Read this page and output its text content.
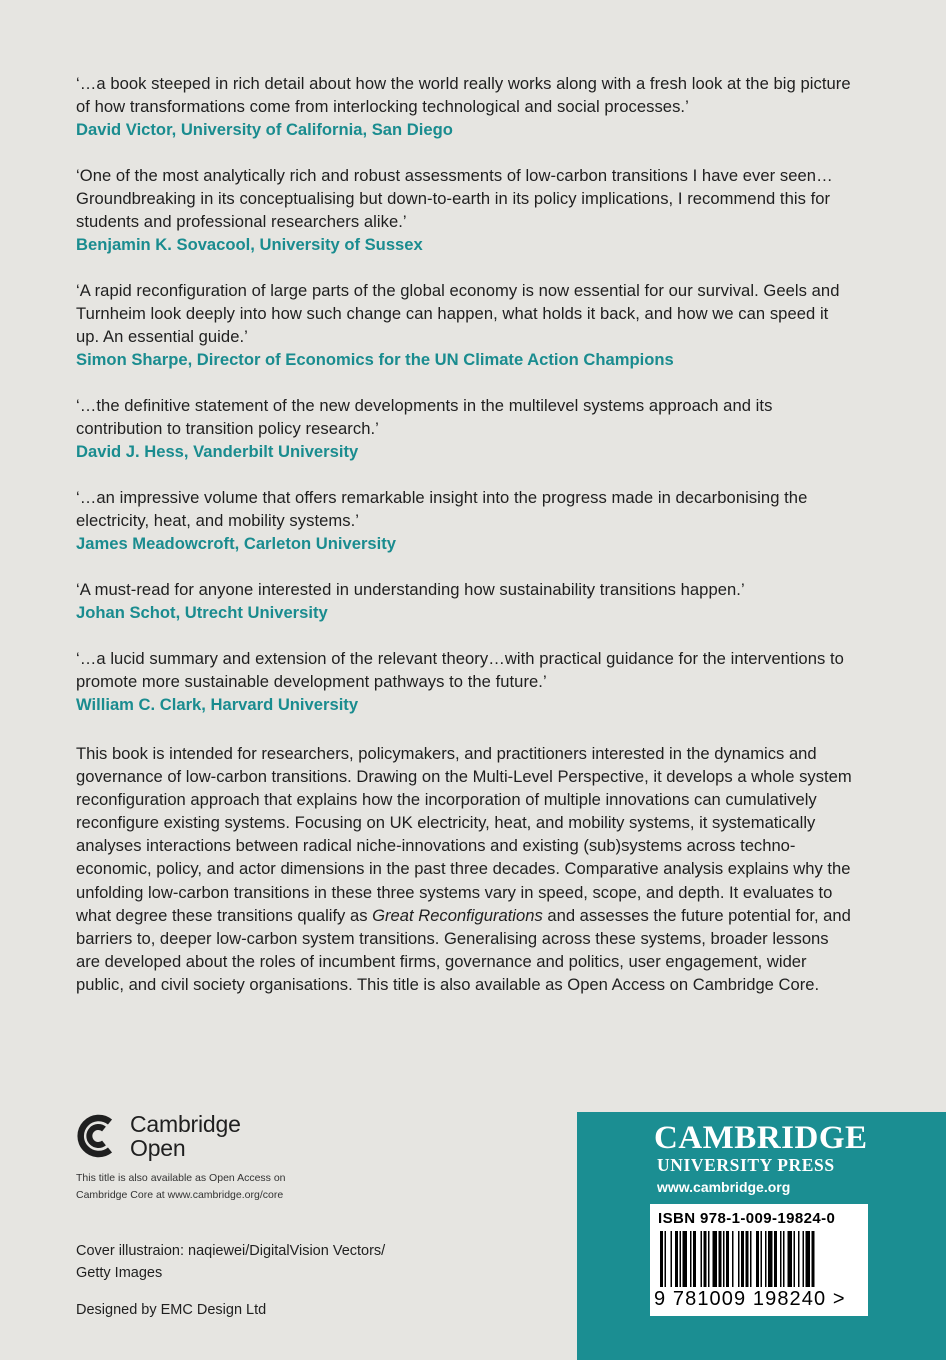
‘…a book steeped in rich detail about how the world really works along with a fresh look at the big picture of how transformations come from interlocking technological and social processes.’

David Victor, University of California, San Diego

‘One of the most analytically rich and robust assessments of low-carbon transitions I have ever seen…Groundbreaking in its conceptualising but down-to-earth in its policy implications, I recommend this for students and professional researchers alike.’

Benjamin K. Sovacool, University of Sussex

‘A rapid reconfiguration of large parts of the global economy is now essential for our survival. Geels and Turnheim look deeply into how such change can happen, what holds it back, and how we can speed it up. An essential guide.’

Simon Sharpe, Director of Economics for the UN Climate Action Champions

‘…the definitive statement of the new developments in the multilevel systems approach and its contribution to transition policy research.’

David J. Hess, Vanderbilt University

‘…an impressive volume that offers remarkable insight into the progress made in decarbonising the electricity, heat, and mobility systems.’

James Meadowcroft, Carleton University

‘A must-read for anyone interested in understanding how sustainability transitions happen.’

Johan Schot, Utrecht University

‘…a lucid summary and extension of the relevant theory…with practical guidance for the interventions to promote more sustainable development pathways to the future.’

William C. Clark, Harvard University

This book is intended for researchers, policymakers, and practitioners interested in the dynamics and governance of low-carbon transitions. Drawing on the Multi-Level Perspective, it develops a whole system reconfiguration approach that explains how the incorporation of multiple innovations can cumulatively reconfigure existing systems. Focusing on UK electricity, heat, and mobility systems, it systematically analyses interactions between radical niche-innovations and existing (sub)systems across techno-economic, policy, and actor dimensions in the past three decades. Comparative analysis explains why the unfolding low-carbon transitions in these three systems vary in speed, scope, and depth. It evaluates to what degree these transitions qualify as Great Reconfigurations and assesses the future potential for, and barriers to, deeper low-carbon system transitions. Generalising across these systems, broader lessons are developed about the roles of incumbent firms, governance and politics, user engagement, wider public, and civil society organisations. This title is also available as Open Access on Cambridge Core.

Cambridge
Open
This title is also available as Open Access on
Cambridge Core at www.cambridge.org/core
Cover illustraion: naqiewei/DigitalVision Vectors/
Getty Images
Designed by EMC Design Ltd
CAMBRIDGE
UNIVERSITY PRESS
www.cambridge.org
ISBN 978-1-009-19824-0
9 781009 198240 >
